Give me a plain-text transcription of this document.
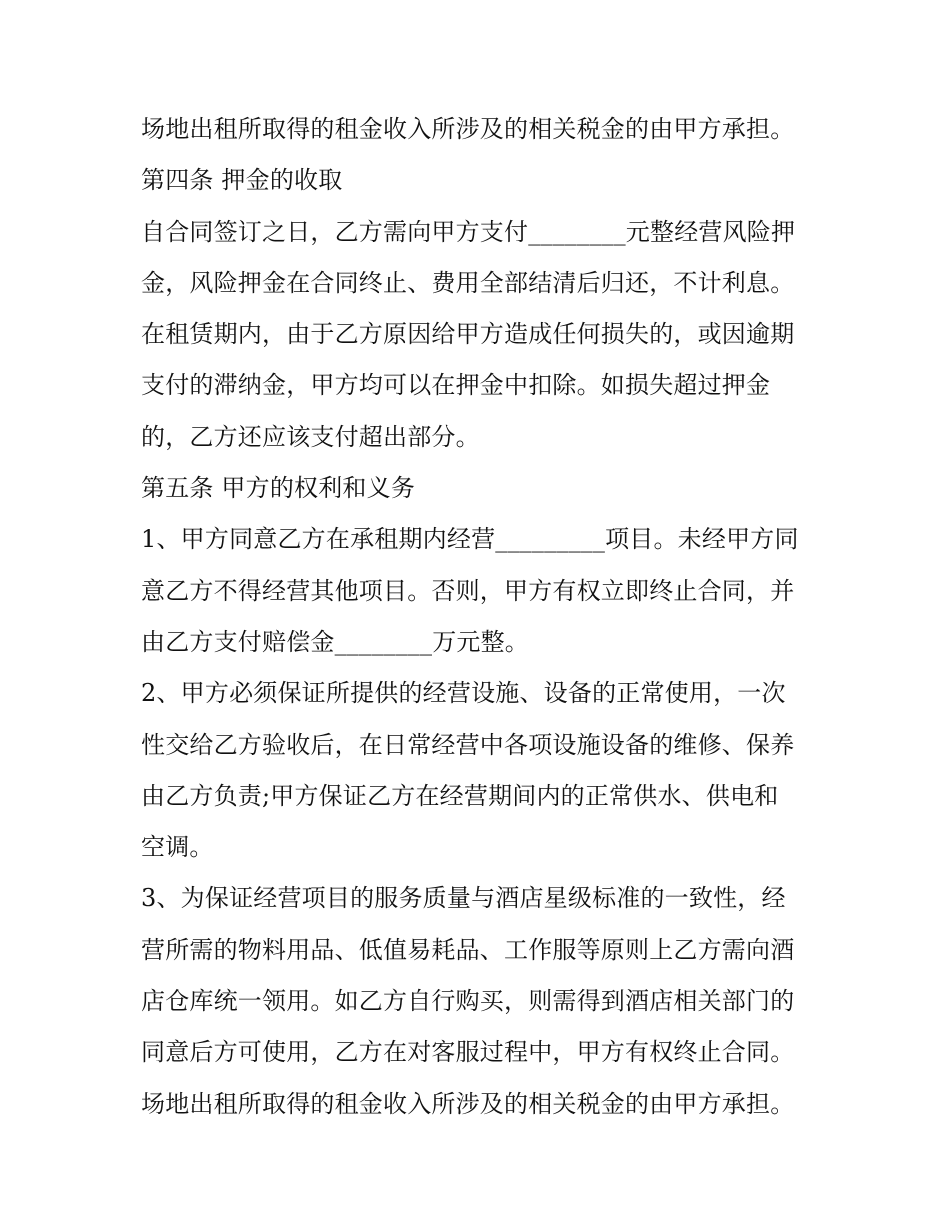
场地出租所取得的租金收入所涉及的相关税金的由甲方承担。
第四条 押金的收取
自合同签订之日，乙方需向甲方支付________元整经营风险押
金，风险押金在合同终止、费用全部结清后归还，不计利息。
在租赁期内，由于乙方原因给甲方造成任何损失的，或因逾期
支付的滞纳金，甲方均可以在押金中扣除。如损失超过押金
的，乙方还应该支付超出部分。
第五条 甲方的权利和义务
1、甲方同意乙方在承租期内经营_________项目。未经甲方同
意乙方不得经营其他项目。否则，甲方有权立即终止合同，并
由乙方支付赔偿金________万元整。
2、甲方必须保证所提供的经营设施、设备的正常使用，一次
性交给乙方验收后，在日常经营中各项设施设备的维修、保养
由乙方负责;甲方保证乙方在经营期间内的正常供水、供电和
空调。
3、为保证经营项目的服务质量与酒店星级标准的一致性，经
营所需的物料用品、低值易耗品、工作服等原则上乙方需向酒
店仓库统一领用。如乙方自行购买，则需得到酒店相关部门的
同意后方可使用，乙方在对客服过程中，甲方有权终止合同。
场地出租所取得的租金收入所涉及的相关税金的由甲方承担。
